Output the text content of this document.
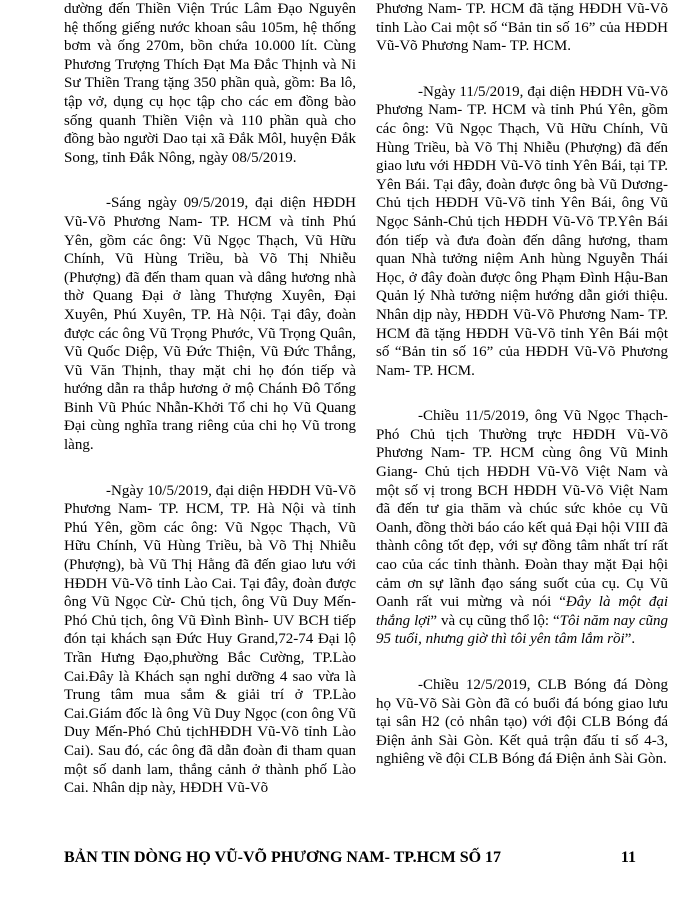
dường đến Thiền Viện Trúc Lâm Đạo Nguyên hệ thống giếng nước khoan sâu 105m, hệ thống bơm và ống 270m, bồn chứa 10.000 lít. Cùng Phương Trượng Thích Đạt Ma Đắc Thịnh và Ni Sư Thiền Trang tặng 350 phần quà, gồm: Ba lô, tập vở, dụng cụ học tập cho các em đồng bào sống quanh Thiền Viện và 110 phần quà cho đồng bào người Dao tại xã Đắk Môl, huyện Đắk Song, tỉnh Đắk Nông, ngày 08/5/2019.

-Sáng ngày 09/5/2019, đại diện HĐDH Vũ-Võ Phương Nam- TP. HCM và tỉnh Phú Yên, gồm các ông: Vũ Ngọc Thạch, Vũ Hữu Chính, Vũ Hùng Triều, bà Võ Thị Nhiễu (Phượng) đã đến tham quan và dâng hương nhà thờ Quang Đại ở làng Thượng Xuyên, Đại Xuyên, Phú Xuyên, TP. Hà Nội. Tại đây, đoàn được các ông Vũ Trọng Phước, Vũ Trọng Quân, Vũ Quốc Diệp, Vũ Đức Thiện, Vũ Đức Thắng, Vũ Văn Thịnh, thay mặt chi họ đón tiếp và hướng dẫn ra thắp hương ở mộ Chánh Đô Tổng Binh Vũ Phúc Nhẫn-Khởi Tổ chi họ Vũ Quang Đại cùng nghĩa trang riêng của chi họ Vũ trong làng.

-Ngày 10/5/2019, đại diện HĐDH Vũ-Võ Phương Nam- TP. HCM, TP. Hà Nội và tỉnh Phú Yên, gồm các ông: Vũ Ngọc Thạch, Vũ Hữu Chính, Vũ Hùng Triều, bà Võ Thị Nhiễu (Phượng), bà Vũ Thị Hằng đã đến giao lưu với HĐDH Vũ-Võ tỉnh Lào Cai. Tại đây, đoàn được ông Vũ Ngọc Cừ- Chủ tịch, ông Vũ Duy Mến- Phó Chủ tịch, ông Vũ Đình Bình- UV BCH tiếp đón tại khách sạn Đức Huy Grand,72-74 Đại lộ Trần Hưng Đạo,phường Bắc Cường, TP.Lào Cai.Đây là Khách sạn nghỉ dưỡng 4 sao vừa là Trung tâm mua sắm & giải trí ở TP.Lào Cai.Giám đốc là ông Vũ Duy Ngọc (con ông Vũ Duy Mến-Phó Chủ tịchHĐDH Vũ-Võ tỉnh Lào Cai). Sau đó, các ông đã dẫn đoàn đi tham quan một số danh lam, thắng cảnh ở thành phố Lào Cai. Nhân dịp này, HĐDH Vũ-Võ

Phương Nam- TP. HCM đã tặng HĐDH Vũ-Võ tỉnh Lào Cai một số “Bản tin số 16” của HĐDH Vũ-Võ Phương Nam- TP. HCM.

-Ngày 11/5/2019, đại diện HĐDH Vũ-Võ Phương Nam- TP. HCM và tỉnh Phú Yên, gồm các ông: Vũ Ngọc Thạch, Vũ Hữu Chính, Vũ Hùng Triều, bà Võ Thị Nhiễu (Phượng) đã đến giao lưu với HĐDH Vũ-Võ tỉnh Yên Bái, tại TP. Yên Bái. Tại đây, đoàn được ông bà Vũ Dương- Chủ tịch HĐDH Vũ-Võ tỉnh Yên Bái, ông Vũ Ngọc Sảnh-Chủ tịch HĐDH Vũ-Võ TP.Yên Bái đón tiếp và đưa đoàn đến dâng hương, tham quan Nhà tưởng niệm Anh hùng Nguyễn Thái Học, ở đây đoàn được ông Phạm Đình Hậu-Ban Quản lý Nhà tưởng niệm hướng dẫn giới thiệu. Nhân dịp này, HĐDH Vũ-Võ Phương Nam- TP. HCM đã tặng HĐDH Vũ-Võ tỉnh Yên Bái một số “Bản tin số 16” của HĐDH Vũ-Võ Phương Nam- TP. HCM.

-Chiều 11/5/2019, ông Vũ Ngọc Thạch- Phó Chủ tịch Thường trực HĐDH Vũ-Võ Phương Nam- TP. HCM cùng ông Vũ Minh Giang- Chủ tịch HĐDH Vũ-Võ Việt Nam và một số vị trong BCH HĐDH Vũ-Võ Việt Nam đã đến tư gia thăm và chúc sức khỏe cụ Vũ Oanh, đồng thời báo cáo kết quả Đại hội VIII đã thành công tốt đẹp, với sự đồng tâm nhất trí rất cao của các tỉnh thành. Đoàn thay mặt Đại hội cảm ơn sự lãnh đạo sáng suốt của cụ. Cụ Vũ Oanh rất vui mừng và nói “Đây là một đại thắng lợi” và cụ cũng thổ lộ: “Tôi năm nay cũng 95 tuổi, nhưng giờ thì tôi yên tâm lắm rồi”.

-Chiều 12/5/2019, CLB Bóng đá Dòng họ Vũ-Võ Sài Gòn đã có buổi đá bóng giao lưu tại sân H2 (cỏ nhân tạo) với đội CLB Bóng đá Điện ảnh Sài Gòn. Kết quả trận đấu tỉ số 4-3, nghiêng về đội CLB Bóng đá Điện ảnh Sài Gòn.

BẢN TIN DÒNG HỌ VŨ-VÕ PHƯƠNG NAM- TP.HCM SỐ 17	11
